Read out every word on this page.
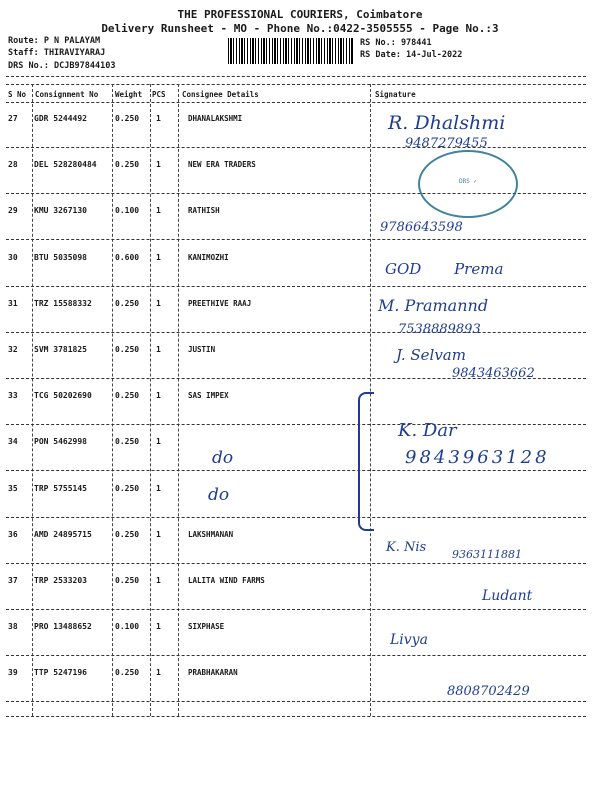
THE PROFESSIONAL COURIERS, Coimbatore
Delivery Runsheet - MO - Phone No.:0422-3505555 - Page No.:3
Route: P N PALAYAM
Staff: THIRAVIYARAJ
DRS No.: DCJB97844103
RS No.: 978441
RS Date: 14-Jul-2022
S No Consignment No Weight PCS Consignee Details	Signature
27 GDR 5244492	0.250 1	DHANALAKSHMI
28 DEL 528280484 0.250 1	NEW ERA TRADERS
29 KMU 3267130	0.100 1	RATHISH
30 BTU 5035098	0.600 1	KANIMOZHI
31 TRZ 15588332	0.250 1	PREETHIVE RAAJ
32 SVM 3781825	0.250 1	JUSTIN
33 TCG 50202690	0.250 1	SAS IMPEX
34 PON 5462998	0.250 1
35 TRP 5755145	0.250 1
36 AMD 24895715	0.250 1	LAKSHMANAN
37 TRP 2533203	0.250 1	LALITA WIND FARMS
38 PRO 13488652	0.100 1	SIXPHASE
39 TTP 5247196	0.250 1	PRABHAKARAN
DRS ✓
R. Dhalshmi
9487279455
9786643598
GOD Prema
M. Pramannd
7538889893
J. Selvam
9843463662
K. Dar
9843963128
do
do
K. Nis 9363111881
Ludant
Livya
8808702429
